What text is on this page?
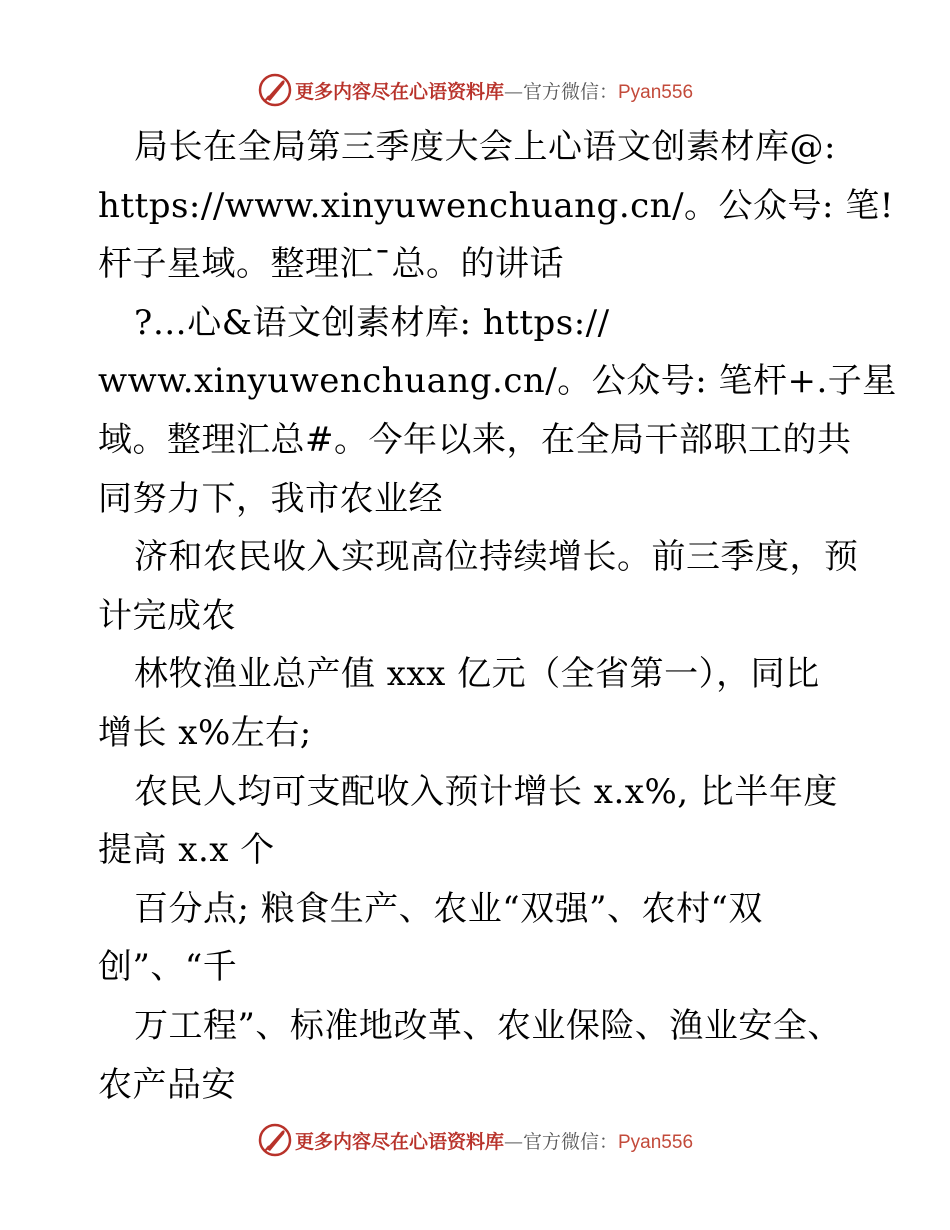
更多内容尽在心语资料库—官方微信：Pyan556
局长在全局第三季度大会上心语文创素材库@:
https://www.xinyuwenchuang.cn/。公众号: 笔!
杆子星域。整理汇¯总。的讲话
?…心&语文创素材库: https://
www.xinyuwenchuang.cn/。公众号: 笔杆+.子星
域。整理汇总#。今年以来，在全局干部职工的共
同努力下，我市农业经
济和农民收入实现高位持续增长。前三季度，预
计完成农
林牧渔业总产值 xxx 亿元（全省第一），同比
增长 x%左右;
农民人均可支配收入预计增长 x.x%, 比半年度
提高 x.x 个
百分点; 粮食生产、农业“双强”、农村“双
创”、“千
万工程”、标准地改革、农业保险、渔业安全、
农产品安
更多内容尽在心语资料库—官方微信：Pyan556
